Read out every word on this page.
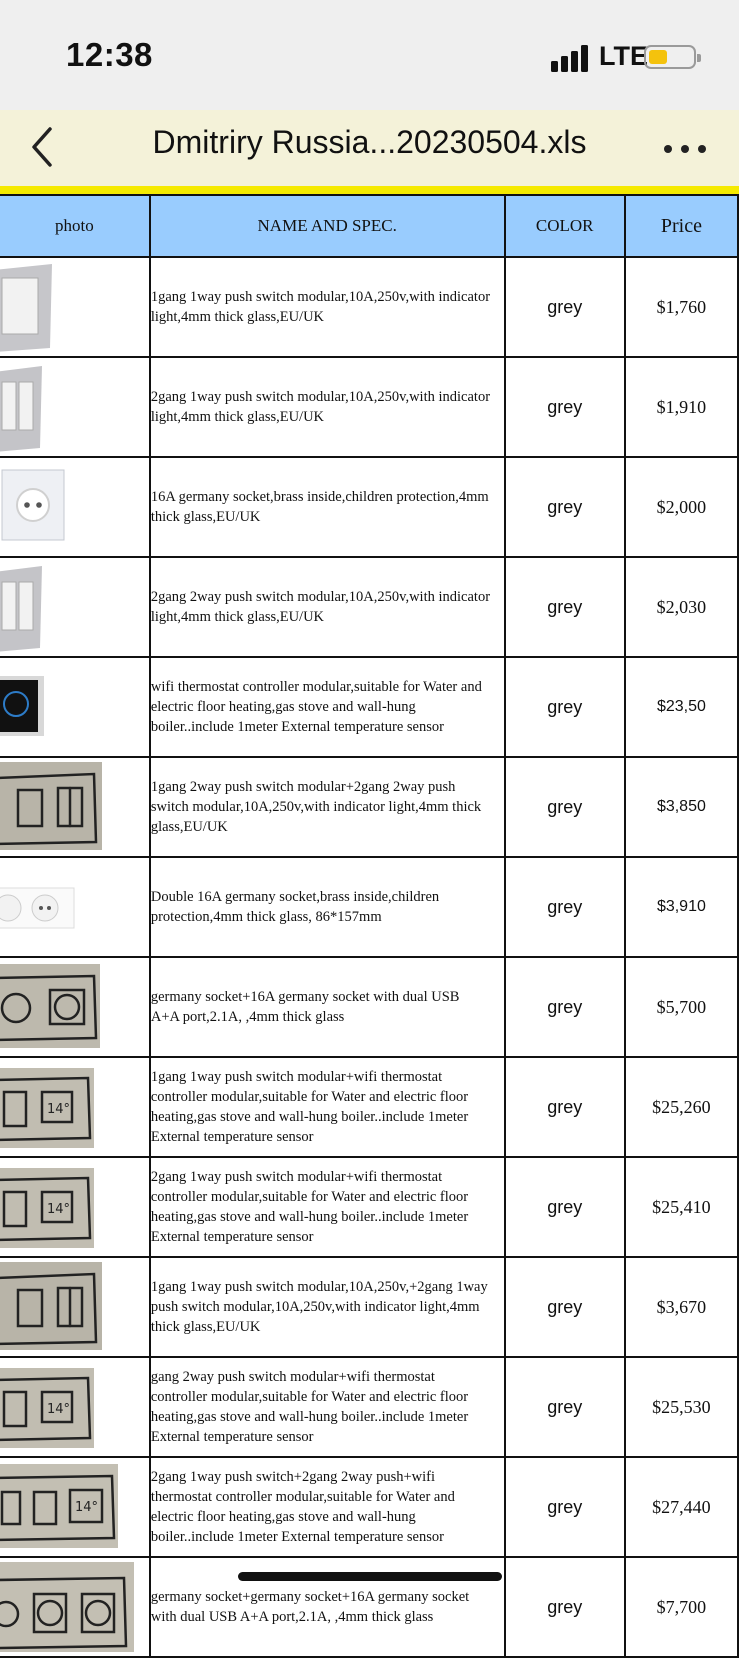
12:38	LTE
Dmitriry Russia...20230504.xls
photo	NAME AND SPEC.	COLOR	Price

1gang 1way push switch modular,10A,250v,with indicator
light,4mm thick glass,EU/UK	grey	$1,760

2gang 1way push switch modular,10A,250v,with indicator
light,4mm thick glass,EU/UK	grey	$1,910

16A germany socket,brass inside,children protection,4mm
thick glass,EU/UK	grey	$2,000

2gang 2way push switch modular,10A,250v,with indicator
light,4mm thick glass,EU/UK	grey	$2,030

wifi thermostat controller modular,suitable for Water and
electric floor heating,gas stove and wall-hung
boiler..include 1meter External temperature sensor	grey	$23,50

1gang 2way push switch modular+2gang 2way push
switch modular,10A,250v,with indicator light,4mm thick
glass,EU/UK	grey	$3,850

Double 16A germany socket,brass inside,children
protection,4mm thick glass, 86*157mm	grey	$3,910

germany socket+16A germany socket with dual USB
A+A port,2.1A, ,4mm thick glass	grey	$5,700

14°	1gang 1way push switch modular+wifi thermostat
controller modular,suitable for Water and electric floor
heating,gas stove and wall-hung boiler..include 1meter
External temperature sensor	grey	$25,260

14°	2gang 1way push switch modular+wifi thermostat
controller modular,suitable for Water and electric floor
heating,gas stove and wall-hung boiler..include 1meter
External temperature sensor	grey	$25,410

1gang 1way push switch modular,10A,250v,+2gang 1way
push switch modular,10A,250v,with indicator light,4mm
thick glass,EU/UK	grey	$3,670

14°	gang 2way push switch modular+wifi thermostat
controller modular,suitable for Water and electric floor
heating,gas stove and wall-hung boiler..include 1meter
External temperature sensor	grey	$25,530

14°	2gang 1way push switch+2gang 2way push+wifi
thermostat controller modular,suitable for Water and
electric floor heating,gas stove and wall-hung
boiler..include 1meter External temperature sensor	grey	$27,440

germany socket+germany socket+16A germany socket
with dual USB A+A port,2.1A, ,4mm thick glass	grey	$7,700
